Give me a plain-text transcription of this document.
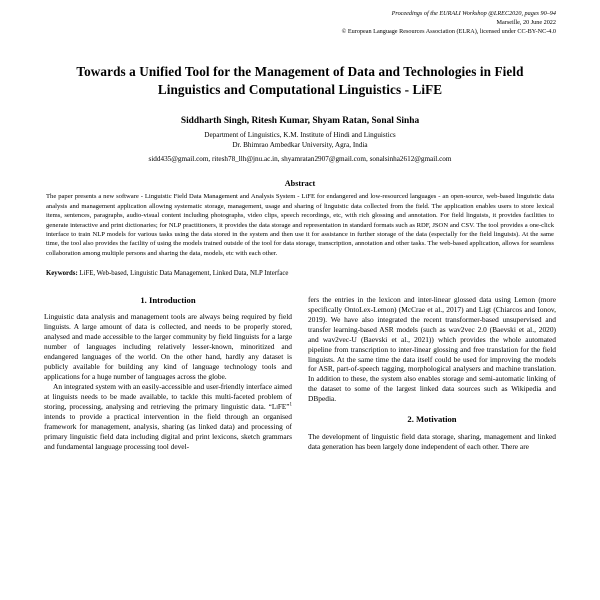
Proceedings of the EURALI Workshop @LREC2020, pages 90–94
Marseille, 20 June 2022
© European Language Resources Association (ELRA), licensed under CC-BY-NC-4.0
Towards a Unified Tool for the Management of Data and Technologies in Field Linguistics and Computational Linguistics - LiFE
Siddharth Singh, Ritesh Kumar, Shyam Ratan, Sonal Sinha
Department of Linguistics, K.M. Institute of Hindi and Linguistics
Dr. Bhimrao Ambedkar University, Agra, India
sidd435@gmail.com, ritesh78_llh@jnu.ac.in, shyamratan2907@gmail.com, sonalsinha2612@gmail.com
Abstract
The paper presents a new software - Linguistic Field Data Management and Analysis System - LiFE for endangered and low-resourced languages - an open-source, web-based linguistic data analysis and management application allowing systematic storage, management, usage and sharing of linguistic data collected from the field. The application enables users to store lexical items, sentences, paragraphs, audio-visual content including photographs, video clips, speech recordings, etc, with rich glossing and annotation. For field linguists, it provides facilities to generate interactive and print dictionaries; for NLP practitioners, it provides the data storage and representation in standard formats such as RDF, JSON and CSV. The tool provides a one-click interface to train NLP models for various tasks using the data stored in the system and then use it for assistance in further storage of the data (especially for the field linguists). At the same time, the tool also provides the facility of using the models trained outside of the tool for data storage, transcription, annotation and other tasks. The web-based application, allows for seamless collaboration among multiple persons and sharing the data, models, etc with each other.
Keywords: LiFE, Web-based, Linguistic Data Management, Linked Data, NLP Interface
1. Introduction

Linguistic data analysis and management tools are always being required by field linguists. A large amount of data is collected, and needs to be properly stored, analysed and made accessible to the larger community by field linguists for a large number of languages including relatively lesser-known, minoritized and endangered languages of the world. On the other hand, hardly any dataset is publicly available for building any kind of language technology tools and applications for a huge number of languages across the globe.

An integrated system with an easily-accessible and user-friendly interface aimed at linguists needs to be made available, to tackle this multi-faceted problem of storing, processing, analysing and retrieving the primary linguistic data. “LiFE”$^1$ intends to provide a practical intervention in the field through an organised framework for management, analysis, sharing (as linked data) and processing of primary linguistic field data including digital and print lexicons, sketch grammars and fundamental language processing tool devel-

fers the entries in the lexicon and inter-linear glossed data using Lemon (more specifically OntoLex-Lemon) (McCrae et al., 2017) and Ligt (Chiarcos and Ionov, 2019). We have also integrated the recent transformer-based unsupervised and transfer learning-based ASR models (such as wav2vec 2.0 (Baevski et al., 2020) and wav2vec-U (Baevski et al., 2021)) which provides the whole automated pipeline from transcription to inter-linear glossing and free translation for the field linguists. At the same time the data itself could be used for improving the models for ASR, part-of-speech tagging, morphological analysers and machine translation. In addition to these, the system also enables storage and semi-automatic linking of the dataset to some of the largest linked data sources such as Wikipedia and DBpedia.

2. Motivation

The development of linguistic field data storage, sharing, management and linked data generation has been largely done independent of each other. There are
